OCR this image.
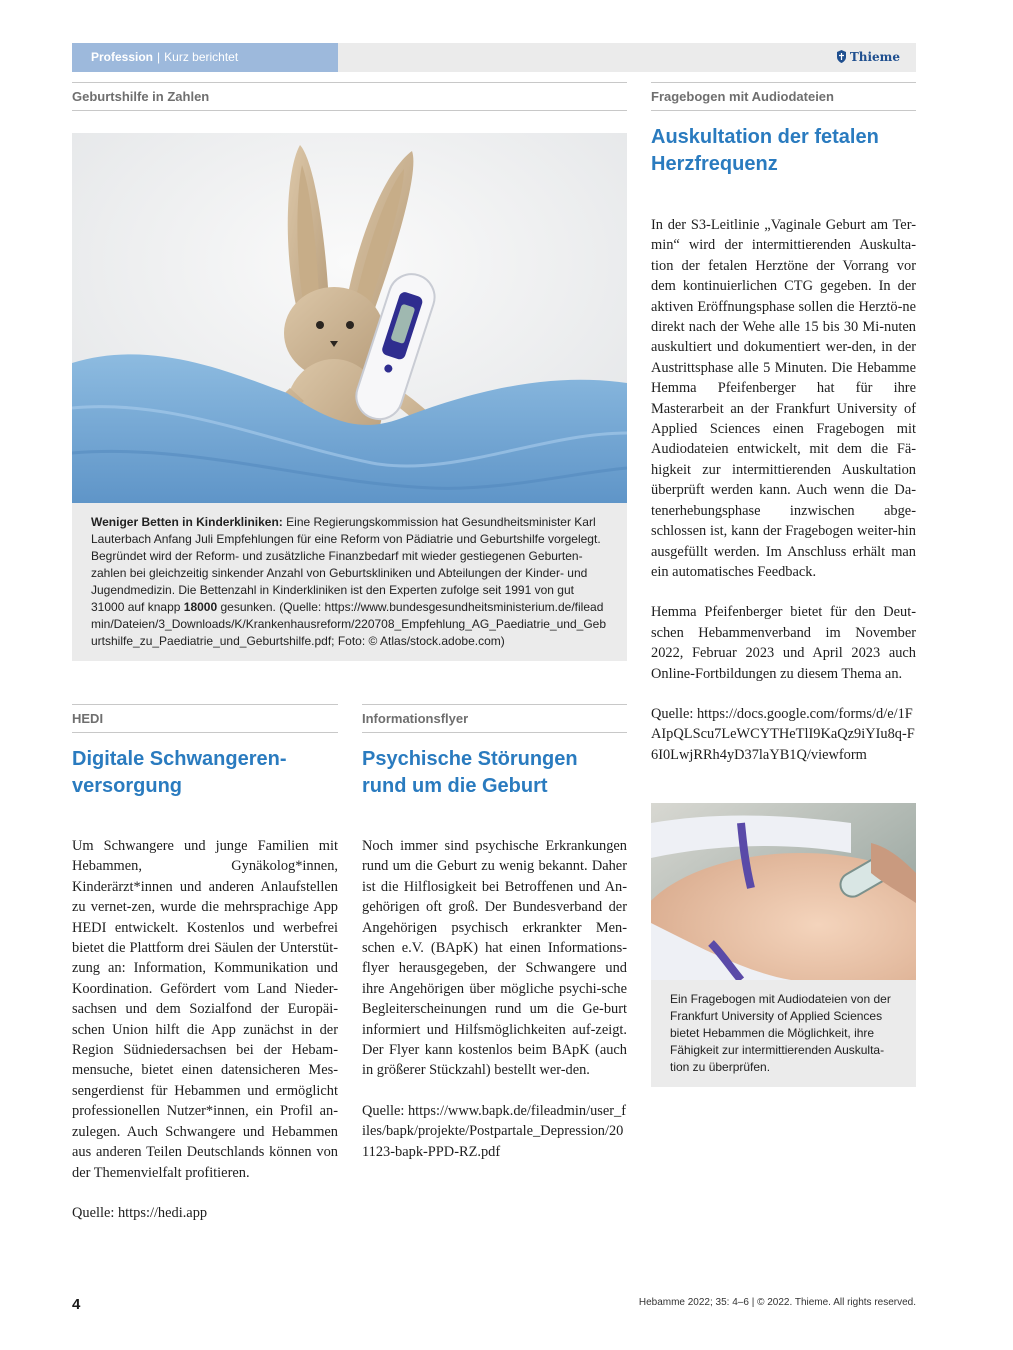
Profession | Kurz berichtet	Thieme
Geburtshilfe in Zahlen
Weniger Betten in Kinderkliniken: Eine Regierungskommission hat Gesundheitsminister Karl Lauterbach Anfang Juli Empfehlungen für eine Reform von Pädiatrie und Geburtshilfe vorgelegt. Begründet wird der Reform- und zusätzliche Finanzbedarf mit wieder gestiegenen Geburten-zahlen bei gleichzeitig sinkender Anzahl von Geburtskliniken und Abteilungen der Kinder- und Jugendmedizin. Die Bettenzahl in Kinderkliniken ist den Experten zufolge seit 1991 von gut 31000 auf knapp 18000 gesunken. (Quelle: https://www.bundesgesundheitsministerium.de/fileadmin/Dateien/3_Downloads/K/Krankenhausreform/220708_Empfehlung_AG_Paediatrie_und_Geburtshilfe_zu_Paediatrie_und_Geburtshilfe.pdf; Foto: © Atlas/stock.adobe.com)
Fragebogen mit Audiodateien
Auskultation der fetalen Herzfrequenz

In der S3-Leitlinie „Vaginale Geburt am Ter-min“ wird der intermittierenden Auskulta-tion der fetalen Herztöne der Vorrang vor dem kontinuierlichen CTG gegeben. In der aktiven Eröffnungsphase sollen die Herztö-ne direkt nach der Wehe alle 15 bis 30 Mi-nuten auskultiert und dokumentiert wer-den, in der Austrittsphase alle 5 Minuten. Die Hebamme Hemma Pfeifenberger hat für ihre Masterarbeit an der Frankfurt University of Applied Sciences einen Fragebogen mit Audiodateien entwickelt, mit dem die Fä-higkeit zur intermittierenden Auskultation überprüft werden kann. Auch wenn die Da-tenerhebungsphase inzwischen abge-schlossen ist, kann der Fragebogen weiter-hin ausgefüllt werden. Im Anschluss erhält man ein automatisches Feedback.

Hemma Pfeifenberger bietet für den Deut-schen Hebammenverband im November 2022, Februar 2023 und April 2023 auch Online-Fortbildungen zu diesem Thema an.

Quelle: https://docs.google.com/forms/d/e/1FAIpQLScu7LeWCYTHeTlI9KaQz9iYIu8q-F6I0LwjRRh4yD37laYB1Q/viewform

Ein Fragebogen mit Audiodateien von der Frankfurt University of Applied Sciences bietet Hebammen die Möglichkeit, ihre Fähigkeit zur intermittierenden Auskulta-tion zu überprüfen.
HEDI
Digitale Schwangeren-
versorgung

Um Schwangere und junge Familien mit Hebammen, Gynäkolog*innen, Kinderärzt*innen und anderen Anlaufstellen zu vernet-zen, wurde die mehrsprachige App HEDI entwickelt. Kostenlos und werbefrei bietet die Plattform drei Säulen der Unterstüt-zung an: Information, Kommunikation und Koordination. Gefördert vom Land Nieder-sachsen und dem Sozialfond der Europäi-schen Union hilft die App zunächst in der Region Südniedersachsen bei der Hebam-mensuche, bietet einen datensicheren Mes-sengerdienst für Hebammen und ermöglicht professionellen Nutzer*innen, ein Profil an-zulegen. Auch Schwangere und Hebammen aus anderen Teilen Deutschlands können von der Themenvielfalt profitieren.

Quelle: https://hedi.app

Informationsflyer
Psychische Störungen
rund um die Geburt

Noch immer sind psychische Erkrankungen rund um die Geburt zu wenig bekannt. Daher ist die Hilflosigkeit bei Betroffenen und An-gehörigen oft groß. Der Bundesverband der Angehörigen psychisch erkrankter Men-schen e.V. (BApK) hat einen Informations-flyer herausgegeben, der Schwangere und ihre Angehörigen über mögliche psychi-sche Begleiterscheinungen rund um die Ge-burt informiert und Hilfsmöglichkeiten auf-zeigt. Der Flyer kann kostenlos beim BApK (auch in größerer Stückzahl) bestellt wer-den.

Quelle: https://www.bapk.de/fileadmin/user_files/bapk/projekte/Postpartale_Depression/201123-bapk-PPD-RZ.pdf

4	Hebamme 2022; 35: 4–6 | © 2022. Thieme. All rights reserved.
